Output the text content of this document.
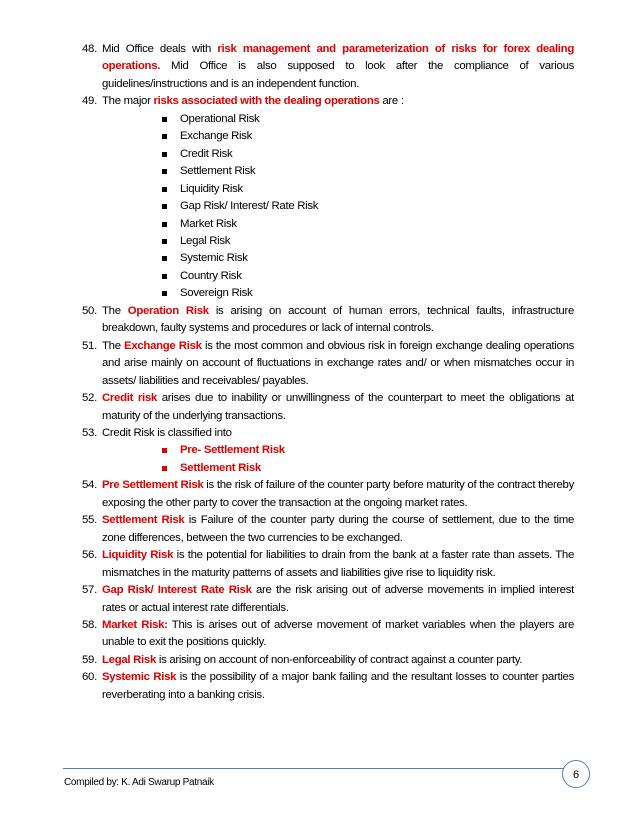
48. Mid Office deals with risk management and parameterization of risks for forex dealing operations. Mid Office is also supposed to look after the compliance of various guidelines/instructions and is an independent function.
49. The major risks associated with the dealing operations are :
Operational Risk
Exchange Risk
Credit Risk
Settlement Risk
Liquidity Risk
Gap Risk/ Interest/ Rate Risk
Market Risk
Legal Risk
Systemic Risk
Country Risk
Sovereign Risk
50. The Operation Risk is arising on account of human errors, technical faults, infrastructure breakdown, faulty systems and procedures or lack of internal controls.
51. The Exchange Risk is the most common and obvious risk in foreign exchange dealing operations and arise mainly on account of fluctuations in exchange rates and/ or when mismatches occur in assets/ liabilities and receivables/ payables.
52. Credit risk arises due to inability or unwillingness of the counterpart to meet the obligations at maturity of the underlying transactions.
53. Credit Risk is classified into
Pre- Settlement Risk
Settlement Risk
54. Pre Settlement Risk is the risk of failure of the counter party before maturity of the contract thereby exposing the other party to cover the transaction at the ongoing market rates.
55. Settlement Risk is Failure of the counter party during the course of settlement, due to the time zone differences, between the two currencies to be exchanged.
56. Liquidity Risk is the potential for liabilities to drain from the bank at a faster rate than assets. The mismatches in the maturity patterns of assets and liabilities give rise to liquidity risk.
57. Gap Risk/ Interest Rate Risk are the risk arising out of adverse movements in implied interest rates or actual interest rate differentials.
58. Market Risk: This is arises out of adverse movement of market variables when the players are unable to exit the positions quickly.
59. Legal Risk is arising on account of non-enforceability of contract against a counter party.
60. Systemic Risk is the possibility of a major bank failing and the resultant losses to counter parties reverberating into a banking crisis.
Compiled by: K. Adi Swarup Patnaik
6
